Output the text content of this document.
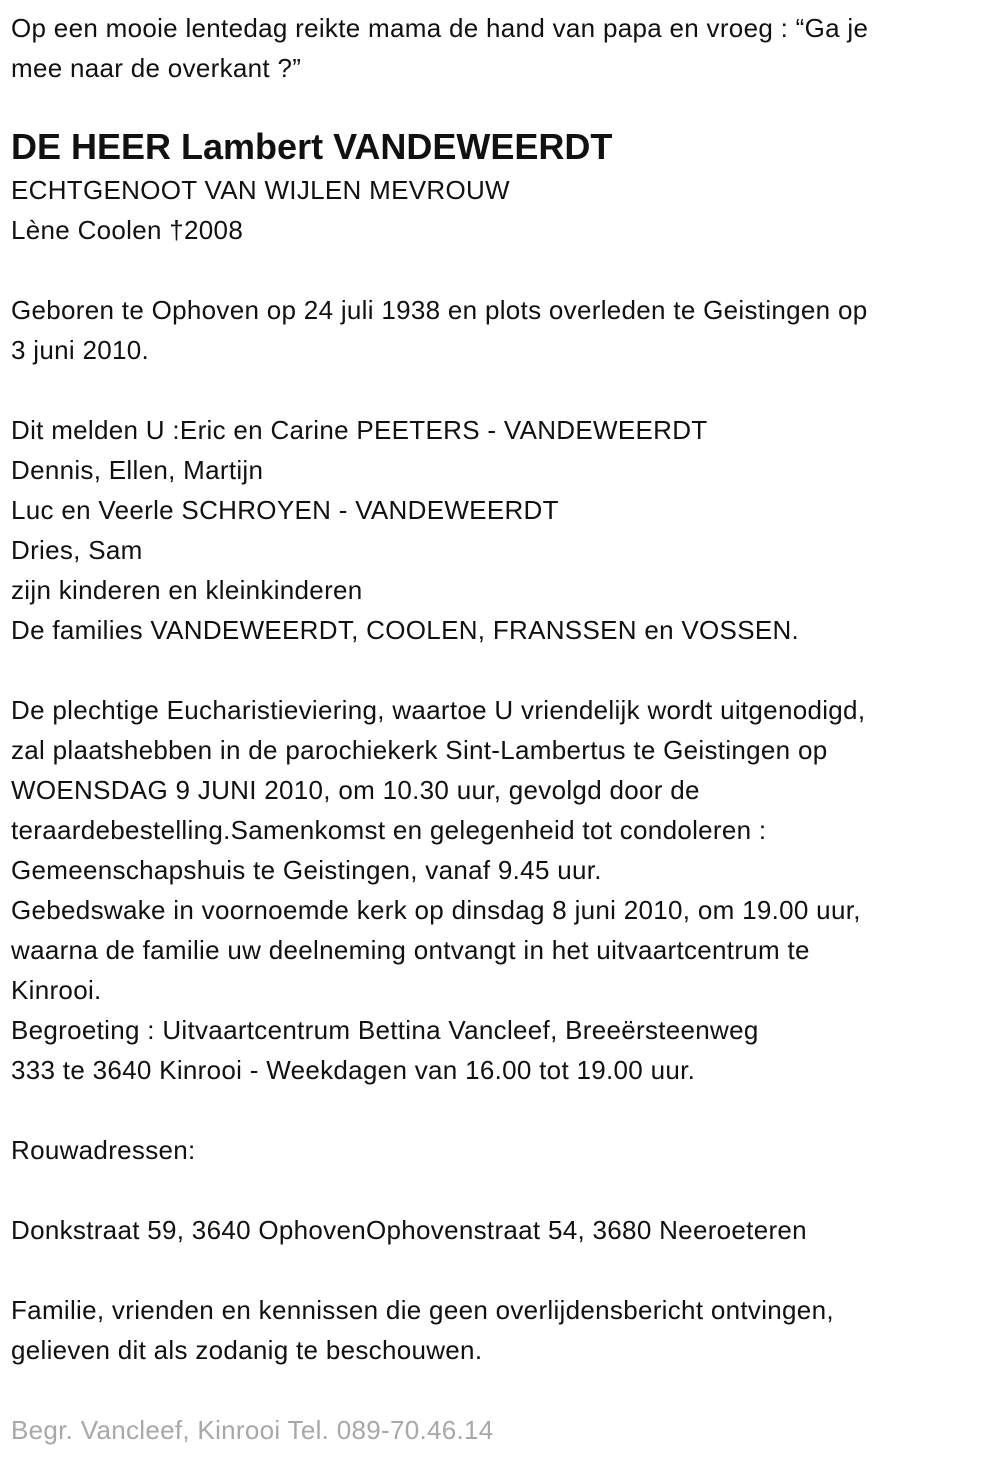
Op een mooie lentedag reikte mama de hand van papa en vroeg : “Ga je
mee naar de overkant ?”
DE HEER Lambert VANDEWEERDT
ECHTGENOOT VAN WIJLEN MEVROUW
Lène Coolen †2008
Geboren te Ophoven op 24 juli 1938 en plots overleden te Geistingen op
3 juni 2010.
Dit melden U :Eric en Carine PEETERS - VANDEWEERDT
Dennis, Ellen, Martijn
Luc en Veerle SCHROYEN - VANDEWEERDT
Dries, Sam
zijn kinderen en kleinkinderen
De families VANDEWEERDT, COOLEN, FRANSSEN en VOSSEN.
De plechtige Eucharistieviering, waartoe U vriendelijk wordt uitgenodigd,
zal plaatshebben in de parochiekerk Sint-Lambertus te Geistingen op
WOENSDAG 9 JUNI 2010, om 10.30 uur, gevolgd door de
teraardebestelling.Samenkomst en gelegenheid tot condoleren :
Gemeenschapshuis te Geistingen, vanaf 9.45 uur.
Gebedswake in voornoemde kerk op dinsdag 8 juni 2010, om 19.00 uur,
waarna de familie uw deelneming ontvangt in het uitvaartcentrum te
Kinrooi.
Begroeting : Uitvaartcentrum Bettina Vancleef, Breeërsteenweg
333 te 3640 Kinrooi - Weekdagen van 16.00 tot 19.00 uur.
Rouwadressen:
Donkstraat 59, 3640 OphovenOphovenstraat 54, 3680 Neeroeteren
Familie, vrienden en kennissen die geen overlijdensbericht ontvingen,
gelieven dit als zodanig te beschouwen.
Begr. Vancleef, Kinrooi Tel. 089-70.46.14
